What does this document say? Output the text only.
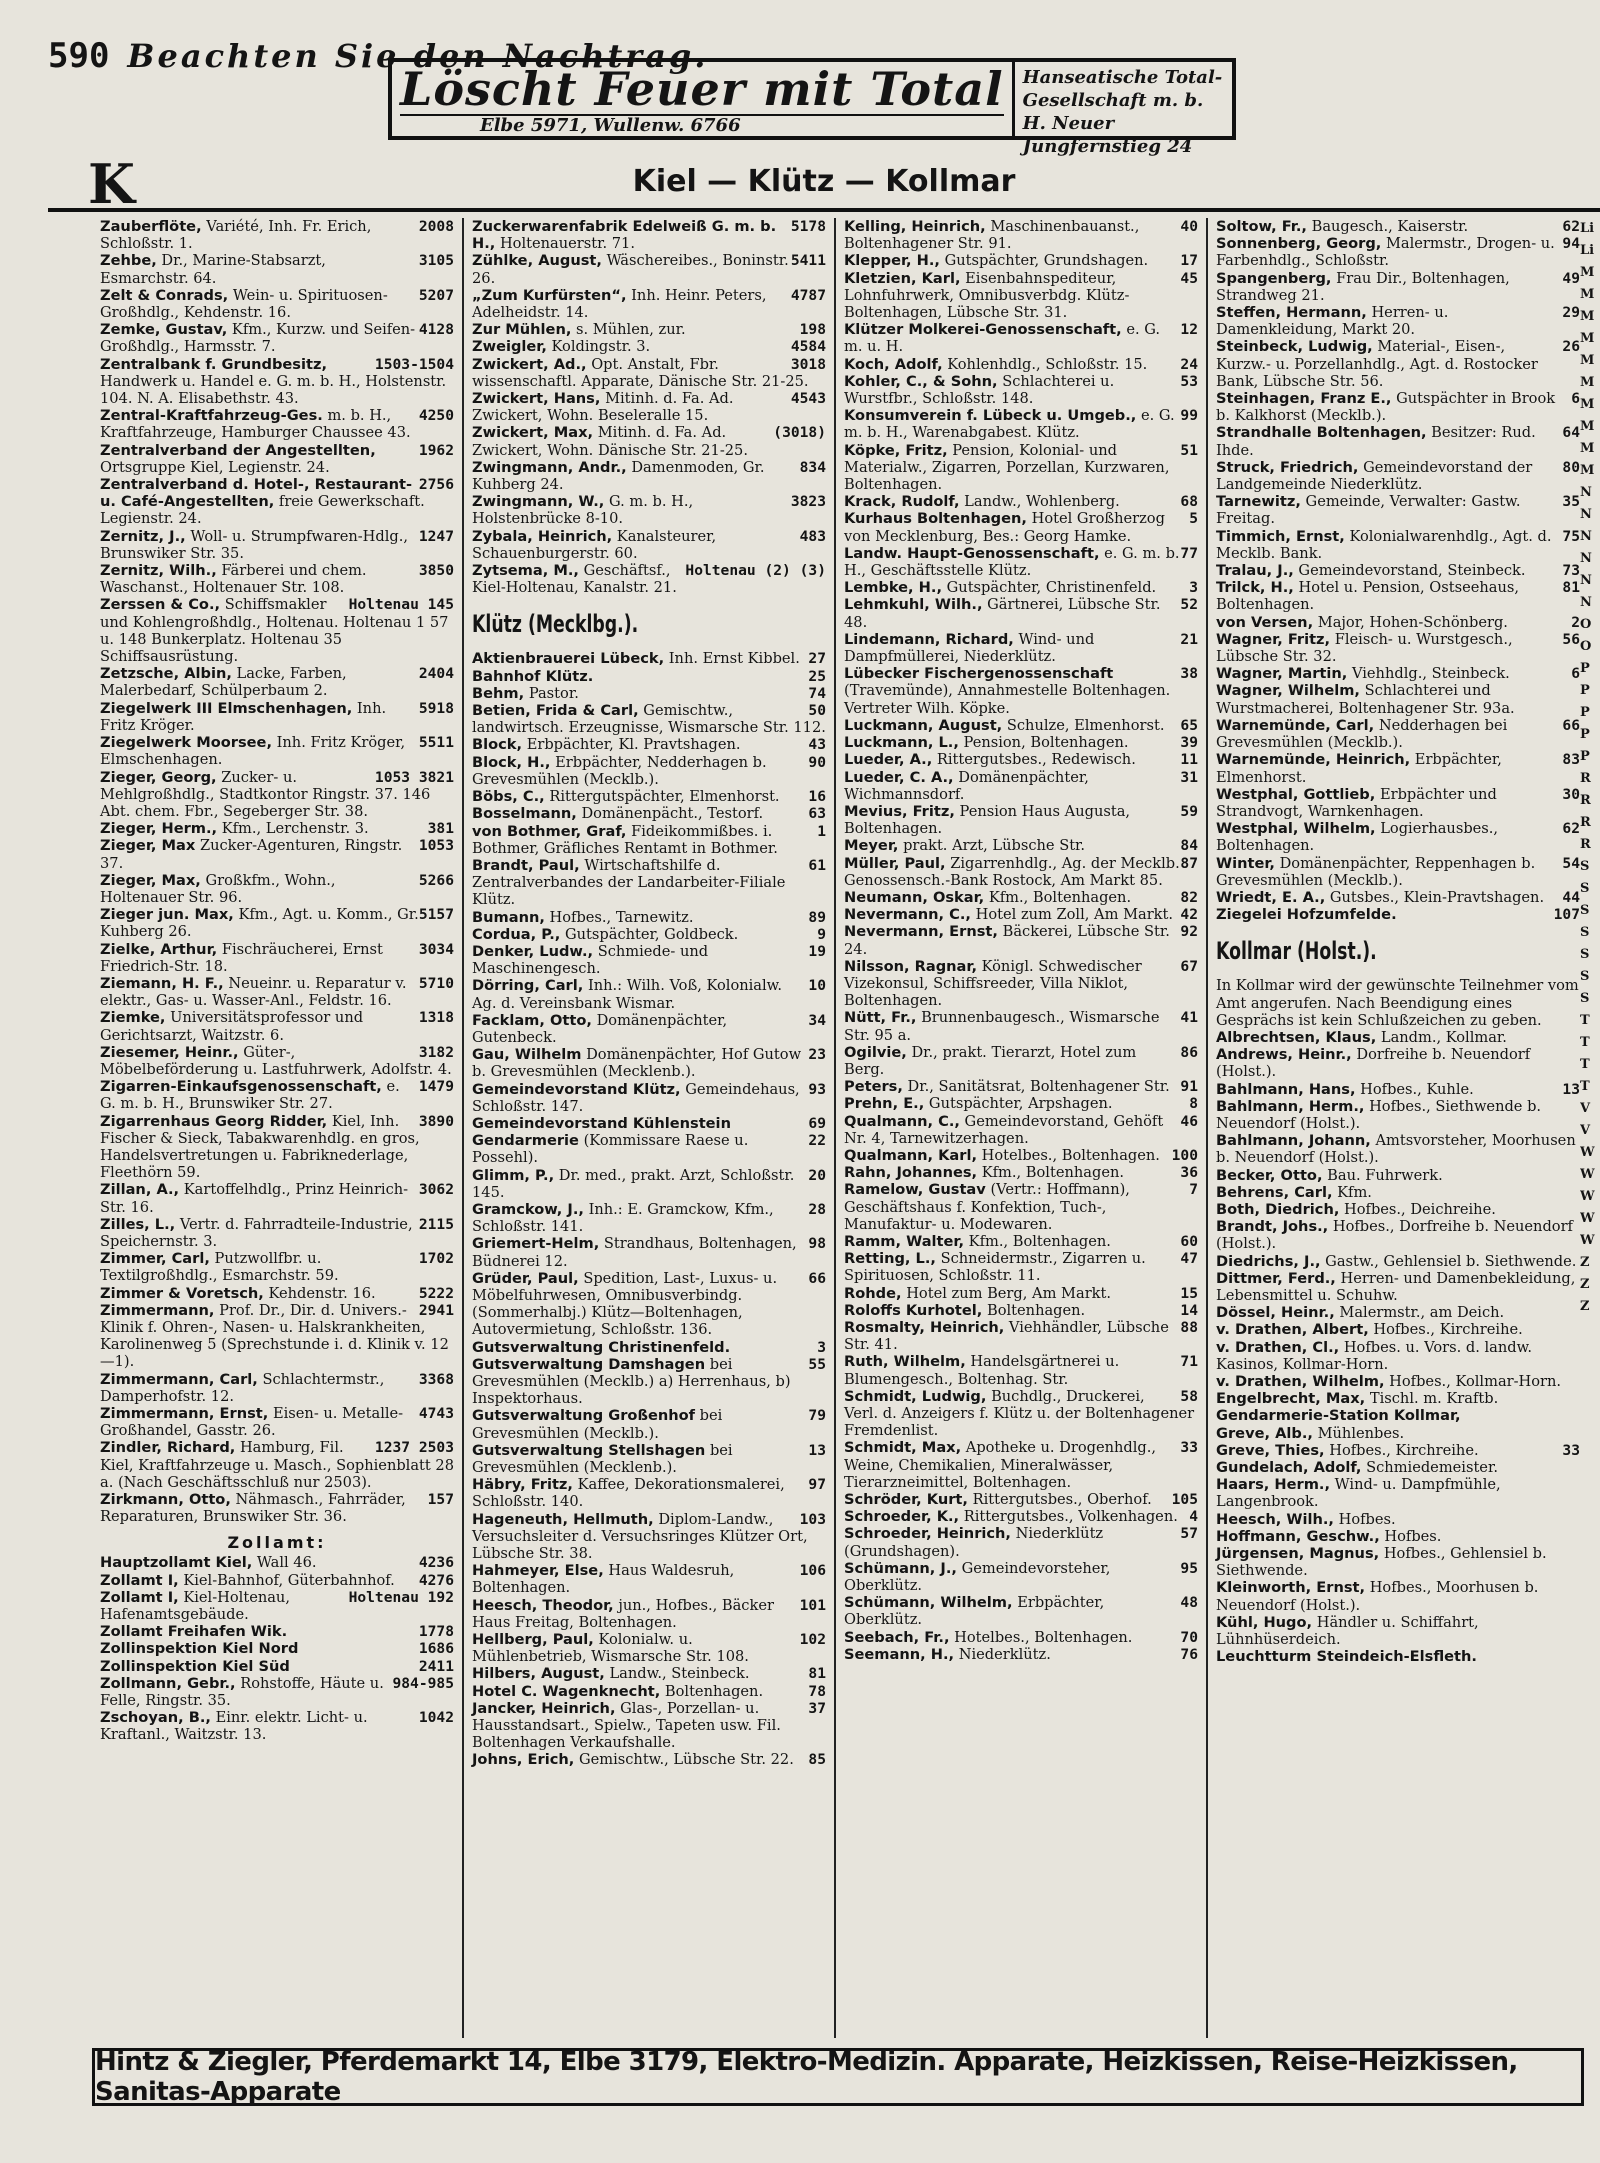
590 Beachten Sie den Nachtrag.
Löscht Feuer mit Total
Elbe 5971, Wullenw. 6766
Hanseatische Total-Gesellschaft m. b. H. Neuer Jungfernstieg 24
K	Kiel — Klütz — Kollmar

2008
Zauberflöte, Variété, Inh. Fr. Erich, Schloßstr. 1.

3105
Zehbe, Dr., Marine-Stabsarzt, Esmarchstr. 64.

5207
Zelt & Conrads, Wein- u. Spirituosen-Großhdlg., Kehdenstr. 16.

4128
Zemke, Gustav, Kfm., Kurzw. und Seifen-Großhdlg., Harmsstr. 7.

1503-1504
Zentralbank f. Grundbesitz, Handwerk u. Handel e. G. m. b. H., Holstenstr. 104. N. A. Elisabethstr. 43.

4250
Zentral-Kraftfahrzeug-Ges. m. b. H., Kraftfahrzeuge, Hamburger Chaussee 43.

1962
Zentralverband der Angestellten, Ortsgruppe Kiel, Legienstr. 24.

2756
Zentralverband d. Hotel-, Restaurant- u. Café-Angestellten, freie Gewerkschaft. Legienstr. 24.

1247
Zernitz, J., Woll- u. Strumpfwaren-Hdlg., Brunswiker Str. 35.

3850
Zernitz, Wilh., Färberei und chem. Waschanst., Holtenauer Str. 108.

Holtenau 145
Zerssen & Co., Schiffsmakler und Kohlengroßhdlg., Holtenau. Holtenau 1 57 u. 148 Bunkerplatz. Holtenau 35 Schiffsausrüstung.

2404
Zetzsche, Albin, Lacke, Farben, Malerbedarf, Schülperbaum 2.

5918
Ziegelwerk III Elmschenhagen, Inh. Fritz Kröger.

5511
Ziegelwerk Moorsee, Inh. Fritz Kröger, Elmschenhagen.

1053 3821
Zieger, Georg, Zucker- u. Mehlgroßhdlg., Stadtkontor Ringstr. 37. 146 Abt. chem. Fbr., Segeberger Str. 38.

381
Zieger, Herm., Kfm., Lerchenstr. 3.

1053
Zieger, Max Zucker-Agenturen, Ringstr. 37.

5266
Zieger, Max, Großkfm., Wohn., Holtenauer Str. 96.

5157
Zieger jun. Max, Kfm., Agt. u. Komm., Gr. Kuhberg 26.

3034
Zielke, Arthur, Fischräucherei, Ernst Friedrich-Str. 18.

5710
Ziemann, H. F., Neueinr. u. Reparatur v. elektr., Gas- u. Wasser-Anl., Feldstr. 16.

1318
Ziemke, Universitätsprofessor und Gerichtsarzt, Waitzstr. 6.

3182
Ziesemer, Heinr., Güter-, Möbelbeförderung u. Lastfuhrwerk, Adolfstr. 4.

1479
Zigarren-Einkaufsgenossenschaft, e. G. m. b. H., Brunswiker Str. 27.

3890
Zigarrenhaus Georg Ridder, Kiel, Inh. Fischer & Sieck, Tabakwarenhdlg. en gros, Handelsvertretungen u. Fabriknederlage, Fleethörn 59.

3062
Zillan, A., Kartoffelhdlg., Prinz Heinrich-Str. 16.

2115
Zilles, L., Vertr. d. Fahrradteile-Industrie, Speichernstr. 3.

1702
Zimmer, Carl, Putzwollfbr. u. Textilgroßhdlg., Esmarchstr. 59.

5222
Zimmer & Voretsch, Kehdenstr. 16.

2941
Zimmermann, Prof. Dr., Dir. d. Univers.-Klinik f. Ohren-, Nasen- u. Halskrankheiten, Karolinenweg 5 (Sprechstunde i. d. Klinik v. 12—1).

3368
Zimmermann, Carl, Schlachtermstr., Damperhofstr. 12.

4743
Zimmermann, Ernst, Eisen- u. Metalle-Großhandel, Gasstr. 26.

1237 2503
Zindler, Richard, Hamburg, Fil. Kiel, Kraftfahrzeuge u. Masch., Sophienblatt 28 a. (Nach Geschäftsschluß nur 2503).

157
Zirkmann, Otto, Nähmasch., Fahrräder, Reparaturen, Brunswiker Str. 36.

Zollamt:

4236
Hauptzollamt Kiel, Wall 46.

4276
Zollamt I, Kiel-Bahnhof, Güterbahnhof.

Holtenau 192
Zollamt I, Kiel-Holtenau, Hafenamtsgebäude.

1778
Zollamt Freihafen Wik.

1686
Zollinspektion Kiel Nord

2411
Zollinspektion Kiel Süd

984-985
Zollmann, Gebr., Rohstoffe, Häute u. Felle, Ringstr. 35.

1042
Zschoyan, B., Einr. elektr. Licht- u. Kraftanl., Waitzstr. 13.

5178
Zuckerwarenfabrik Edelweiß G. m. b. H., Holtenauerstr. 71.

5411
Zühlke, August, Wäschereibes., Boninstr. 26.

4787
„Zum Kurfürsten“, Inh. Heinr. Peters, Adelheidstr. 14.

198
Zur Mühlen, s. Mühlen, zur.

4584
Zweigler, Koldingstr. 3.

3018
Zwickert, Ad., Opt. Anstalt, Fbr. wissenschaftl. Apparate, Dänische Str. 21-25.

4543
Zwickert, Hans, Mitinh. d. Fa. Ad. Zwickert, Wohn. Beseleralle 15.

(3018)
Zwickert, Max, Mitinh. d. Fa. Ad. Zwickert, Wohn. Dänische Str. 21-25.

834
Zwingmann, Andr., Damenmoden, Gr. Kuhberg 24.

3823
Zwingmann, W., G. m. b. H., Holstenbrücke 8-10.

483
Zybala, Heinrich, Kanalsteurer, Schauenburgerstr. 60.

Holtenau (2) (3)
Zytsema, M., Geschäftsf., Kiel-Holtenau, Kanalstr. 21.

Klütz (Mecklbg.).

27
Aktienbrauerei Lübeck, Inh. Ernst Kibbel.

25
Bahnhof Klütz.

74
Behm, Pastor.

50
Betien, Frida & Carl, Gemischtw., landwirtsch. Erzeugnisse, Wismarsche Str. 112.

43
Block, Erbpächter, Kl. Pravtshagen.

90
Block, H., Erbpächter, Nedderhagen b. Grevesmühlen (Mecklb.).

16
Böbs, C., Rittergutspächter, Elmenhorst.

63
Bosselmann, Domänenpächt., Testorf.

1
von Bothmer, Graf, Fideikommißbes. i. Bothmer, Gräfliches Rentamt in Bothmer.

61
Brandt, Paul, Wirtschaftshilfe d. Zentralverbandes der Landarbeiter-Filiale Klütz.

89
Bumann, Hofbes., Tarnewitz.

9
Cordua, P., Gutspächter, Goldbeck.

19
Denker, Ludw., Schmiede- und Maschinengesch.

10
Dörring, Carl, Inh.: Wilh. Voß, Kolonialw. Ag. d. Vereinsbank Wismar.

34
Facklam, Otto, Domänenpächter, Gutenbeck.

23
Gau, Wilhelm Domänenpächter, Hof Gutow b. Grevesmühlen (Mecklenb.).

93
Gemeindevorstand Klütz, Gemeindehaus, Schloßstr. 147.

69
Gemeindevorstand Kühlenstein

22
Gendarmerie (Kommissare Raese u. Possehl).

20
Glimm, P., Dr. med., prakt. Arzt, Schloßstr. 145.

28
Gramckow, J., Inh.: E. Gramckow, Kfm., Schloßstr. 141.

98
Griemert-Helm, Strandhaus, Boltenhagen, Büdnerei 12.

66
Grüder, Paul, Spedition, Last-, Luxus- u. Möbelfuhrwesen, Omnibusverbindg. (Sommerhalbj.) Klütz—Boltenhagen, Autovermietung, Schloßstr. 136.

3
Gutsverwaltung Christinenfeld.

55
Gutsverwaltung Damshagen bei Grevesmühlen (Mecklb.) a) Herrenhaus, b) Inspektorhaus.

79
Gutsverwaltung Großenhof bei Grevesmühlen (Mecklb.).

13
Gutsverwaltung Stellshagen bei Grevesmühlen (Mecklenb.).

97
Häbry, Fritz, Kaffee, Dekorationsmalerei, Schloßstr. 140.

103
Hageneuth, Hellmuth, Diplom-Landw., Versuchsleiter d. Versuchsringes Klützer Ort, Lübsche Str. 38.

106
Hahmeyer, Else, Haus Waldesruh, Boltenhagen.

101
Heesch, Theodor, jun., Hofbes., Bäcker Haus Freitag, Boltenhagen.

102
Hellberg, Paul, Kolonialw. u. Mühlenbetrieb, Wismarsche Str. 108.

81
Hilbers, August, Landw., Steinbeck.

78
Hotel C. Wagenknecht, Boltenhagen.

37
Jancker, Heinrich, Glas-, Porzellan- u. Hausstandsart., Spielw., Tapeten usw. Fil. Boltenhagen Verkaufshalle.

85
Johns, Erich, Gemischtw., Lübsche Str. 22.

40
Kelling, Heinrich, Maschinenbauanst., Boltenhagener Str. 91.

17
Klepper, H., Gutspächter, Grundshagen.

45
Kletzien, Karl, Eisenbahnspediteur, Lohnfuhrwerk, Omnibusverbdg. Klütz-Boltenhagen, Lübsche Str. 31.

12
Klützer Molkerei-Genossenschaft, e. G. m. u. H.

24
Koch, Adolf, Kohlenhdlg., Schloßstr. 15.

53
Kohler, C., & Sohn, Schlachterei u. Wurstfbr., Schloßstr. 148.

99
Konsumverein f. Lübeck u. Umgeb., e. G. m. b. H., Warenabgabest. Klütz.

51
Köpke, Fritz, Pension, Kolonial- und Materialw., Zigarren, Porzellan, Kurzwaren, Boltenhagen.

68
Krack, Rudolf, Landw., Wohlenberg.

5
Kurhaus Boltenhagen, Hotel Großherzog von Mecklenburg, Bes.: Georg Hamke.

77
Landw. Haupt-Genossenschaft, e. G. m. b. H., Geschäftsstelle Klütz.

3
Lembke, H., Gutspächter, Christinenfeld.

52
Lehmkuhl, Wilh., Gärtnerei, Lübsche Str. 48.

21
Lindemann, Richard, Wind- und Dampfmüllerei, Niederklütz.

38
Lübecker Fischergenossenschaft (Travemünde), Annahmestelle Boltenhagen. Vertreter Wilh. Köpke.

65
Luckmann, August, Schulze, Elmenhorst.

39
Luckmann, L., Pension, Boltenhagen.

11
Lueder, A., Rittergutsbes., Redewisch.

31
Lueder, C. A., Domänenpächter, Wichmannsdorf.

59
Mevius, Fritz, Pension Haus Augusta, Boltenhagen.

84
Meyer, prakt. Arzt, Lübsche Str.

87
Müller, Paul, Zigarrenhdlg., Ag. der Mecklb. Genossensch.-Bank Rostock, Am Markt 85.

82
Neumann, Oskar, Kfm., Boltenhagen.

42
Nevermann, C., Hotel zum Zoll, Am Markt.

92
Nevermann, Ernst, Bäckerei, Lübsche Str. 24.

67
Nilsson, Ragnar, Königl. Schwedischer Vizekonsul, Schiffsreeder, Villa Niklot, Boltenhagen.

41
Nütt, Fr., Brunnenbaugesch., Wismarsche Str. 95 a.

86
Ogilvie, Dr., prakt. Tierarzt, Hotel zum Berg.

91
Peters, Dr., Sanitätsrat, Boltenhagener Str.

8
Prehn, E., Gutspächter, Arpshagen.

46
Qualmann, C., Gemeindevorstand, Gehöft Nr. 4, Tarnewitzerhagen.

100
Qualmann, Karl, Hotelbes., Boltenhagen.

36
Rahn, Johannes, Kfm., Boltenhagen.

7
Ramelow, Gustav (Vertr.: Hoffmann), Geschäftshaus f. Konfektion, Tuch-, Manufaktur- u. Modewaren.

60
Ramm, Walter, Kfm., Boltenhagen.

47
Retting, L., Schneidermstr., Zigarren u. Spirituosen, Schloßstr. 11.

15
Rohde, Hotel zum Berg, Am Markt.

14
Roloffs Kurhotel, Boltenhagen.

88
Rosmalty, Heinrich, Viehhändler, Lübsche Str. 41.

71
Ruth, Wilhelm, Handelsgärtnerei u. Blumengesch., Boltenhag. Str.

58
Schmidt, Ludwig, Buchdlg., Druckerei, Verl. d. Anzeigers f. Klütz u. der Boltenhagener Fremdenlist.

33
Schmidt, Max, Apotheke u. Drogenhdlg., Weine, Chemikalien, Mineralwässer, Tierarzneimittel, Boltenhagen.

105
Schröder, Kurt, Rittergutsbes., Oberhof.

4
Schroeder, K., Rittergutsbes., Volkenhagen.

57
Schroeder, Heinrich, Niederklütz (Grundshagen).

95
Schümann, J., Gemeindevorsteher, Oberklütz.

48
Schümann, Wilhelm, Erbpächter, Oberklütz.

70
Seebach, Fr., Hotelbes., Boltenhagen.

76
Seemann, H., Niederklütz.

62
Soltow, Fr., Baugesch., Kaiserstr.

94
Sonnenberg, Georg, Malermstr., Drogen- u. Farbenhdlg., Schloßstr.

49
Spangenberg, Frau Dir., Boltenhagen, Strandweg 21.

29
Steffen, Hermann, Herren- u. Damenkleidung, Markt 20.

26
Steinbeck, Ludwig, Material-, Eisen-, Kurzw.- u. Porzellanhdlg., Agt. d. Rostocker Bank, Lübsche Str. 56.

6
Steinhagen, Franz E., Gutspächter in Brook b. Kalkhorst (Mecklb.).

64
Strandhalle Boltenhagen, Besitzer: Rud. Ihde.

80
Struck, Friedrich, Gemeindevorstand der Landgemeinde Niederklütz.

35
Tarnewitz, Gemeinde, Verwalter: Gastw. Freitag.

75
Timmich, Ernst, Kolonialwarenhdlg., Agt. d. Mecklb. Bank.

73
Tralau, J., Gemeindevorstand, Steinbeck.

81
Trilck, H., Hotel u. Pension, Ostseehaus, Boltenhagen.

2
von Versen, Major, Hohen-Schönberg.

56
Wagner, Fritz, Fleisch- u. Wurstgesch., Lübsche Str. 32.

6
Wagner, Martin, Viehhdlg., Steinbeck.

Wagner, Wilhelm, Schlachterei und Wurstmacherei, Boltenhagener Str. 93a.

66
Warnemünde, Carl, Nedderhagen bei Grevesmühlen (Mecklb.).

83
Warnemünde, Heinrich, Erbpächter, Elmenhorst.

30
Westphal, Gottlieb, Erbpächter und Strandvogt, Warnkenhagen.

62
Westphal, Wilhelm, Logierhausbes., Boltenhagen.

54
Winter, Domänenpächter, Reppenhagen b. Grevesmühlen (Mecklb.).

44
Wriedt, E. A., Gutsbes., Klein-Pravtshagen.

107
Ziegelei Hofzumfelde.

Kollmar (Holst.).

In Kollmar wird der gewünschte Teilnehmer vom Amt angerufen. Nach Beendigung eines Gesprächs ist kein Schlußzeichen zu geben.

Albrechtsen, Klaus, Landm., Kollmar.

Andrews, Heinr., Dorfreihe b. Neuendorf (Holst.).

13
Bahlmann, Hans, Hofbes., Kuhle.

Bahlmann, Herm., Hofbes., Siethwende b. Neuendorf (Holst.).

Bahlmann, Johann, Amtsvorsteher, Moorhusen b. Neuendorf (Holst.).

Becker, Otto, Bau. Fuhrwerk.

Behrens, Carl, Kfm.

Both, Diedrich, Hofbes., Deichreihe.

Brandt, Johs., Hofbes., Dorfreihe b. Neuendorf (Holst.).

Diedrichs, J., Gastw., Gehlensiel b. Siethwende.

Dittmer, Ferd., Herren- und Damenbekleidung, Lebensmittel u. Schuhw.

Dössel, Heinr., Malermstr., am Deich.

v. Drathen, Albert, Hofbes., Kirchreihe.

v. Drathen, Cl., Hofbes. u. Vors. d. landw. Kasinos, Kollmar-Horn.

v. Drathen, Wilhelm, Hofbes., Kollmar-Horn.

Engelbrecht, Max, Tischl. m. Kraftb.

Gendarmerie-Station Kollmar,

Greve, Alb., Mühlenbes.

33
Greve, Thies, Hofbes., Kirchreihe.

Gundelach, Adolf, Schmiedemeister.

Haars, Herm., Wind- u. Dampfmühle, Langenbrook.

Heesch, Wilh., Hofbes.

Hoffmann, Geschw., Hofbes.

Jürgensen, Magnus, Hofbes., Gehlensiel b. Siethwende.

Kleinworth, Ernst, Hofbes., Moorhusen b. Neuendorf (Holst.).

Kühl, Hugo, Händler u. Schiffahrt, Lühnhüserdeich.

Leuchtturm Steindeich-Elsfleth.

Li
Li
M
M
M
M
M
M
M
M
M
M
N
N
N
N
N
N
O
O
P
P
P
P
P
R
R
R
R
S
S
S
S
S
S
S
T
T
T
T
V
V
W
W
W
W
W
Z
Z
Z
Hintz & Ziegler, Pferdemarkt 14, Elbe 3179, Elektro-Medizin. Apparate, Heizkissen, Reise-Heizkissen, Sanitas-Apparate
